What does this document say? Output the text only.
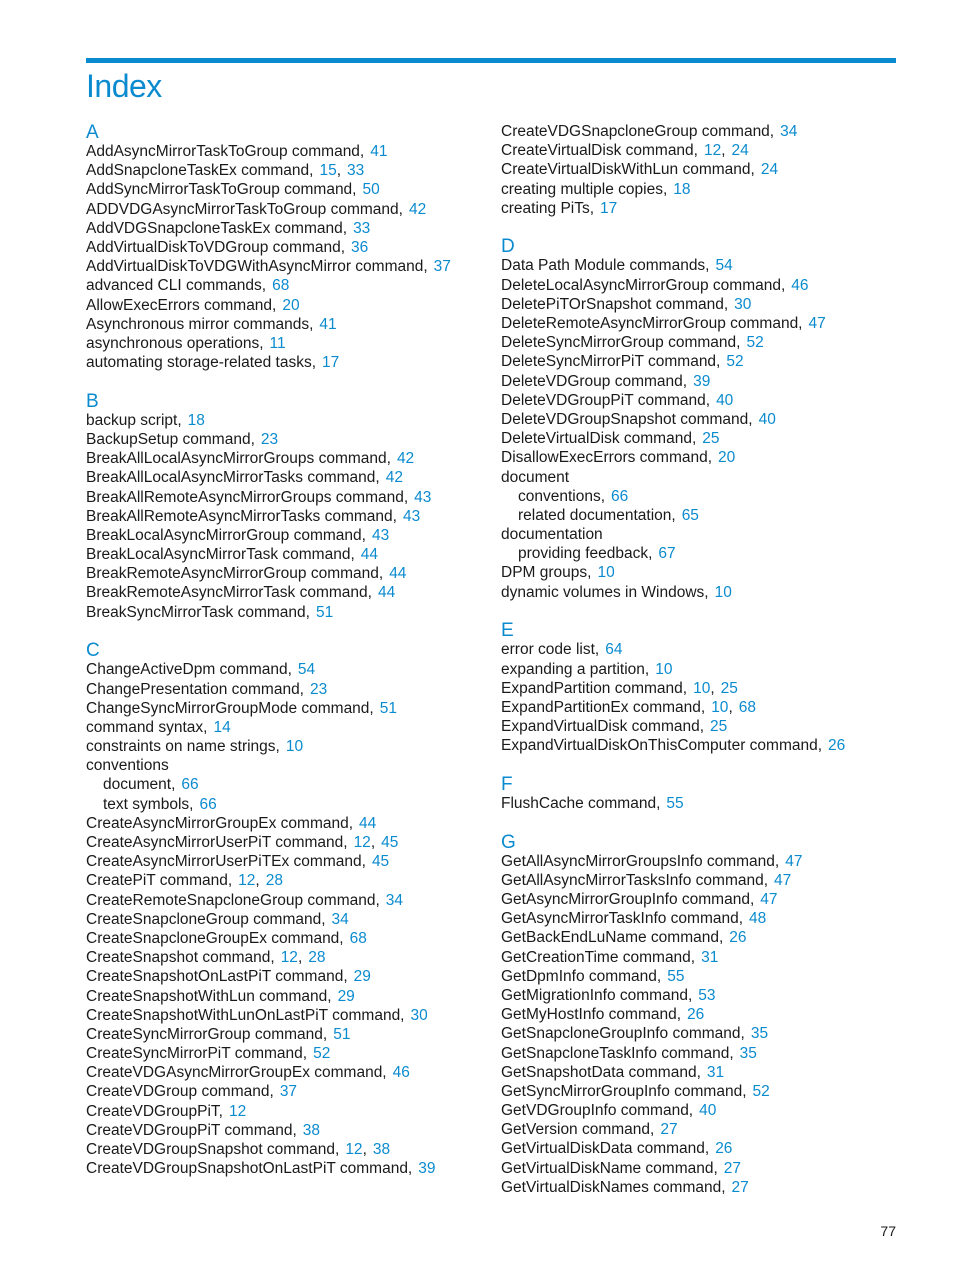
Index
A
AddAsyncMirrorTaskToGroup command, 41
AddSnapcloneTaskEx command, 15, 33
AddSyncMirrorTaskToGroup command, 50
ADDVDGAsyncMirrorTaskToGroup command, 42
AddVDGSnapcloneTaskEx command, 33
AddVirtualDiskToVDGroup command, 36
AddVirtualDiskToVDGWithAsyncMirror command, 37
advanced CLI commands, 68
AllowExecErrors command, 20
Asynchronous mirror commands, 41
asynchronous operations, 11
automating storage-related tasks, 17
B
backup script, 18
BackupSetup command, 23
BreakAllLocalAsyncMirrorGroups command, 42
BreakAllLocalAsyncMirrorTasks command, 42
BreakAllRemoteAsyncMirrorGroups command, 43
BreakAllRemoteAsyncMirrorTasks command, 43
BreakLocalAsyncMirrorGroup command, 43
BreakLocalAsyncMirrorTask command, 44
BreakRemoteAsyncMirrorGroup command, 44
BreakRemoteAsyncMirrorTask command, 44
BreakSyncMirrorTask command, 51
C
ChangeActiveDpm command, 54
ChangePresentation command, 23
ChangeSyncMirrorGroupMode command, 51
command syntax, 14
constraints on name strings, 10
conventions
document, 66
text symbols, 66
CreateAsyncMirrorGroupEx command, 44
CreateAsyncMirrorUserPiT command, 12, 45
CreateAsyncMirrorUserPiTEx command, 45
CreatePiT command, 12, 28
CreateRemoteSnapcloneGroup command, 34
CreateSnapcloneGroup command, 34
CreateSnapcloneGroupEx command, 68
CreateSnapshot command, 12, 28
CreateSnapshotOnLastPiT command, 29
CreateSnapshotWithLun command, 29
CreateSnapshotWithLunOnLastPiT command, 30
CreateSyncMirrorGroup command, 51
CreateSyncMirrorPiT command, 52
CreateVDGAsyncMirrorGroupEx command, 46
CreateVDGroup command, 37
CreateVDGroupPiT, 12
CreateVDGroupPiT command, 38
CreateVDGroupSnapshot command, 12, 38
CreateVDGroupSnapshotOnLastPiT command, 39
CreateVDGSnapcloneGroup command, 34
CreateVirtualDisk command, 12, 24
CreateVirtualDiskWithLun command, 24
creating multiple copies, 18
creating PiTs, 17
D
Data Path Module commands, 54
DeleteLocalAsyncMirrorGroup command, 46
DeletePiTOrSnapshot command, 30
DeleteRemoteAsyncMirrorGroup command, 47
DeleteSyncMirrorGroup command, 52
DeleteSyncMirrorPiT command, 52
DeleteVDGroup command, 39
DeleteVDGroupPiT command, 40
DeleteVDGroupSnapshot command, 40
DeleteVirtualDisk command, 25
DisallowExecErrors command, 20
document
conventions, 66
related documentation, 65
documentation
providing feedback, 67
DPM groups, 10
dynamic volumes in Windows, 10
E
error code list, 64
expanding a partition, 10
ExpandPartition command, 10, 25
ExpandPartitionEx command, 10, 68
ExpandVirtualDisk command, 25
ExpandVirtualDiskOnThisComputer command, 26
F
FlushCache command, 55
G
GetAllAsyncMirrorGroupsInfo command, 47
GetAllAsyncMirrorTasksInfo command, 47
GetAsyncMirrorGroupInfo command, 47
GetAsyncMirrorTaskInfo command, 48
GetBackEndLuName command, 26
GetCreationTime command, 31
GetDpmInfo command, 55
GetMigrationInfo command, 53
GetMyHostInfo command, 26
GetSnapcloneGroupInfo command, 35
GetSnapcloneTaskInfo command, 35
GetSnapshotData command, 31
GetSyncMirrorGroupInfo command, 52
GetVDGroupInfo command, 40
GetVersion command, 27
GetVirtualDiskData command, 26
GetVirtualDiskName command, 27
GetVirtualDiskNames command, 27
77
